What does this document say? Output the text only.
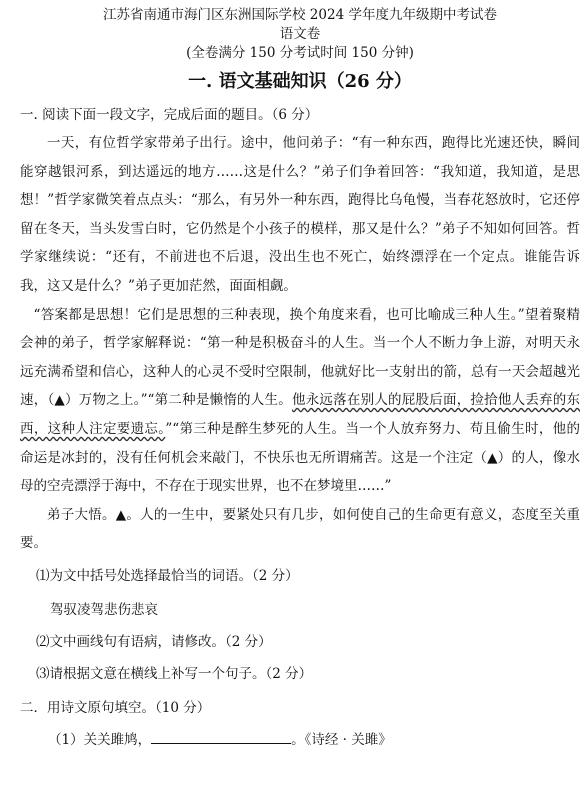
江苏省南通市海门区东洲国际学校 2024 学年度九年级期中考试卷
语文卷
(全卷满分 150 分考试时间 150 分钟)
一. 语文基础知识（26 分）
一. 阅读下面一段文字，完成后面的题目。（6 分）
一天，有位哲学家带弟子出行。途中，他问弟子：“有一种东西，跑得比光速还快，瞬间能穿越银河系，到达遥远的地方……这是什么？”弟子们争着回答：“我知道，我知道，是思想！”哲学家微笑着点点头：“那么，有另外一种东西，跑得比乌龟慢，当春花怒放时，它还停留在冬天，当头发雪白时，它仍然是个小孩子的模样，那又是什么？”弟子不知如何回答。哲学家继续说：“还有，不前进也不后退，没出生也不死亡，始终漂浮在一个定点。谁能告诉我，这又是什么？”弟子更加茫然，面面相觑。
“答案都是思想！它们是思想的三种表现，换个角度来看，也可比喻成三种人生。”望着聚精会神的弟子，哲学家解释说：“第一种是积极奋斗的人生。当一个人不断力争上游，对明天永远充满希望和信心，这种人的心灵不受时空限制，他就好比一支射出的箭，总有一天会超越光速，（▲）万物之上。”“第二种是懒惰的人生。他永远落在别人的屁股后面，捡拾他人丢弃的东西，这种人注定要遗忘。”“第三种是醉生梦死的人生。当一个人放弃努力、苟且偷生时，他的命运是冰封的，没有任何机会来敲门，不快乐也无所谓痛苦。这是一个注定（▲）的人，像水母的空壳漂浮于海中，不存在于现实世界，也不在梦境里……”
弟子大悟。▲。人的一生中，要紧处只有几步，如何使自己的生命更有意义，态度至关重要。
⑴为文中括号处选择最恰当的词语。（2 分）
驾驭凌驾悲伤悲哀
⑵文中画线句有语病，请修改。（2 分）
⑶请根据文意在横线上补写一个句子。（2 分）
二．用诗文原句填空。（10 分）
（1）关关雎鸠，	。《诗经 · 关雎》
